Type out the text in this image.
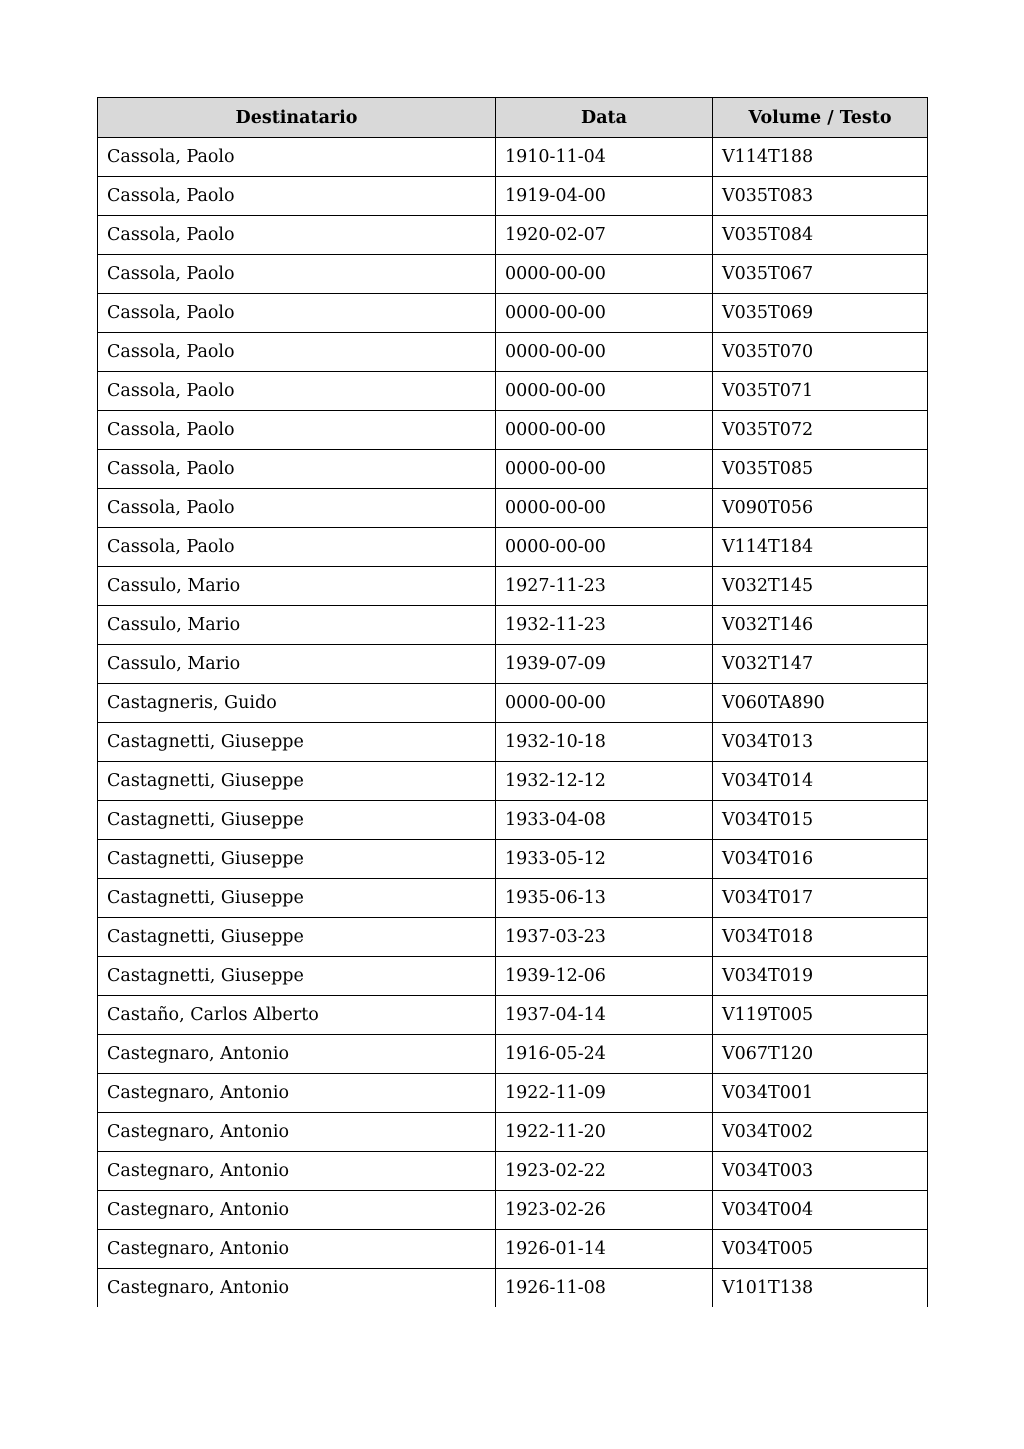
Destinatario	Data	Volume / Testo
Cassola, Paolo	1910-11-04	V114T188
Cassola, Paolo	1919-04-00	V035T083
Cassola, Paolo	1920-02-07	V035T084
Cassola, Paolo	0000-00-00	V035T067
Cassola, Paolo	0000-00-00	V035T069
Cassola, Paolo	0000-00-00	V035T070
Cassola, Paolo	0000-00-00	V035T071
Cassola, Paolo	0000-00-00	V035T072
Cassola, Paolo	0000-00-00	V035T085
Cassola, Paolo	0000-00-00	V090T056
Cassola, Paolo	0000-00-00	V114T184
Cassulo, Mario	1927-11-23	V032T145
Cassulo, Mario	1932-11-23	V032T146
Cassulo, Mario	1939-07-09	V032T147
Castagneris, Guido	0000-00-00	V060TA890
Castagnetti, Giuseppe	1932-10-18	V034T013
Castagnetti, Giuseppe	1932-12-12	V034T014
Castagnetti, Giuseppe	1933-04-08	V034T015
Castagnetti, Giuseppe	1933-05-12	V034T016
Castagnetti, Giuseppe	1935-06-13	V034T017
Castagnetti, Giuseppe	1937-03-23	V034T018
Castagnetti, Giuseppe	1939-12-06	V034T019
Castaño, Carlos Alberto	1937-04-14	V119T005
Castegnaro, Antonio	1916-05-24	V067T120
Castegnaro, Antonio	1922-11-09	V034T001
Castegnaro, Antonio	1922-11-20	V034T002
Castegnaro, Antonio	1923-02-22	V034T003
Castegnaro, Antonio	1923-02-26	V034T004
Castegnaro, Antonio	1926-01-14	V034T005
Castegnaro, Antonio	1926-11-08	V101T138
